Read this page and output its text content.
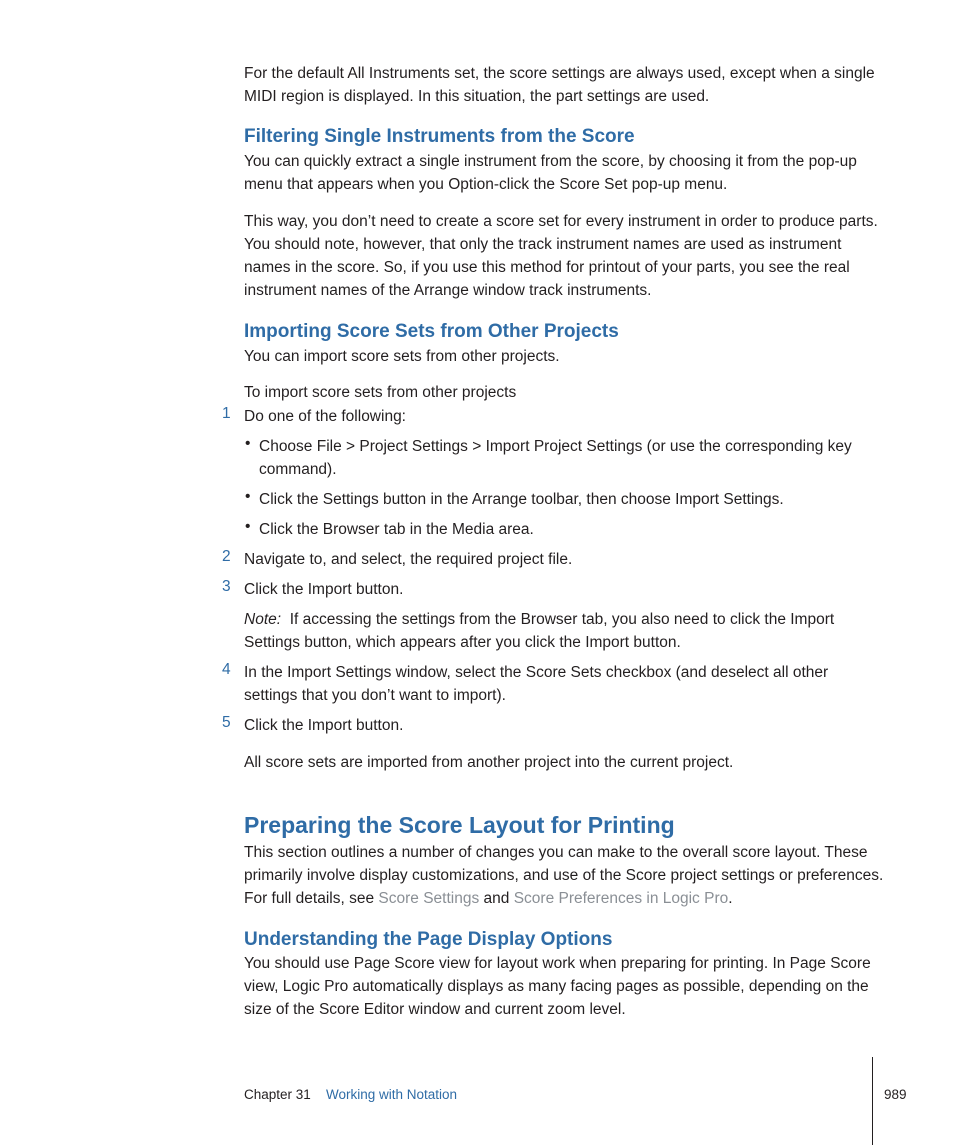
For the default All Instruments set, the score settings are always used, except when a single MIDI region is displayed. In this situation, the part settings are used.

Filtering Single Instruments from the Score

You can quickly extract a single instrument from the score, by choosing it from the pop-up menu that appears when you Option-click the Score Set pop-up menu.

This way, you don’t need to create a score set for every instrument in order to produce parts. You should note, however, that only the track instrument names are used as instrument names in the score. So, if you use this method for printout of your parts, you see the real instrument names of the Arrange window track instruments.

Importing Score Sets from Other Projects

You can import score sets from other projects.

To import score sets from other projects

1 Do one of the following:

• Choose File > Project Settings > Import Project Settings (or use the corresponding key command).

• Click the Settings button in the Arrange toolbar, then choose Import Settings.

• Click the Browser tab in the Media area.

2 Navigate to, and select, the required project file.

3 Click the Import button.

Note: If accessing the settings from the Browser tab, you also need to click the Import Settings button, which appears after you click the Import button.

4 In the Import Settings window, select the Score Sets checkbox (and deselect all other settings that you don’t want to import).

5 Click the Import button.

All score sets are imported from another project into the current project.

Preparing the Score Layout for Printing

This section outlines a number of changes you can make to the overall score layout. These primarily involve display customizations, and use of the Score project settings or preferences. For full details, see Score Settings and Score Preferences in Logic Pro.

Understanding the Page Display Options

You should use Page Score view for layout work when preparing for printing. In Page Score view, Logic Pro automatically displays as many facing pages as possible, depending on the size of the Score Editor window and current zoom level.

Chapter 31 Working with Notation	989
